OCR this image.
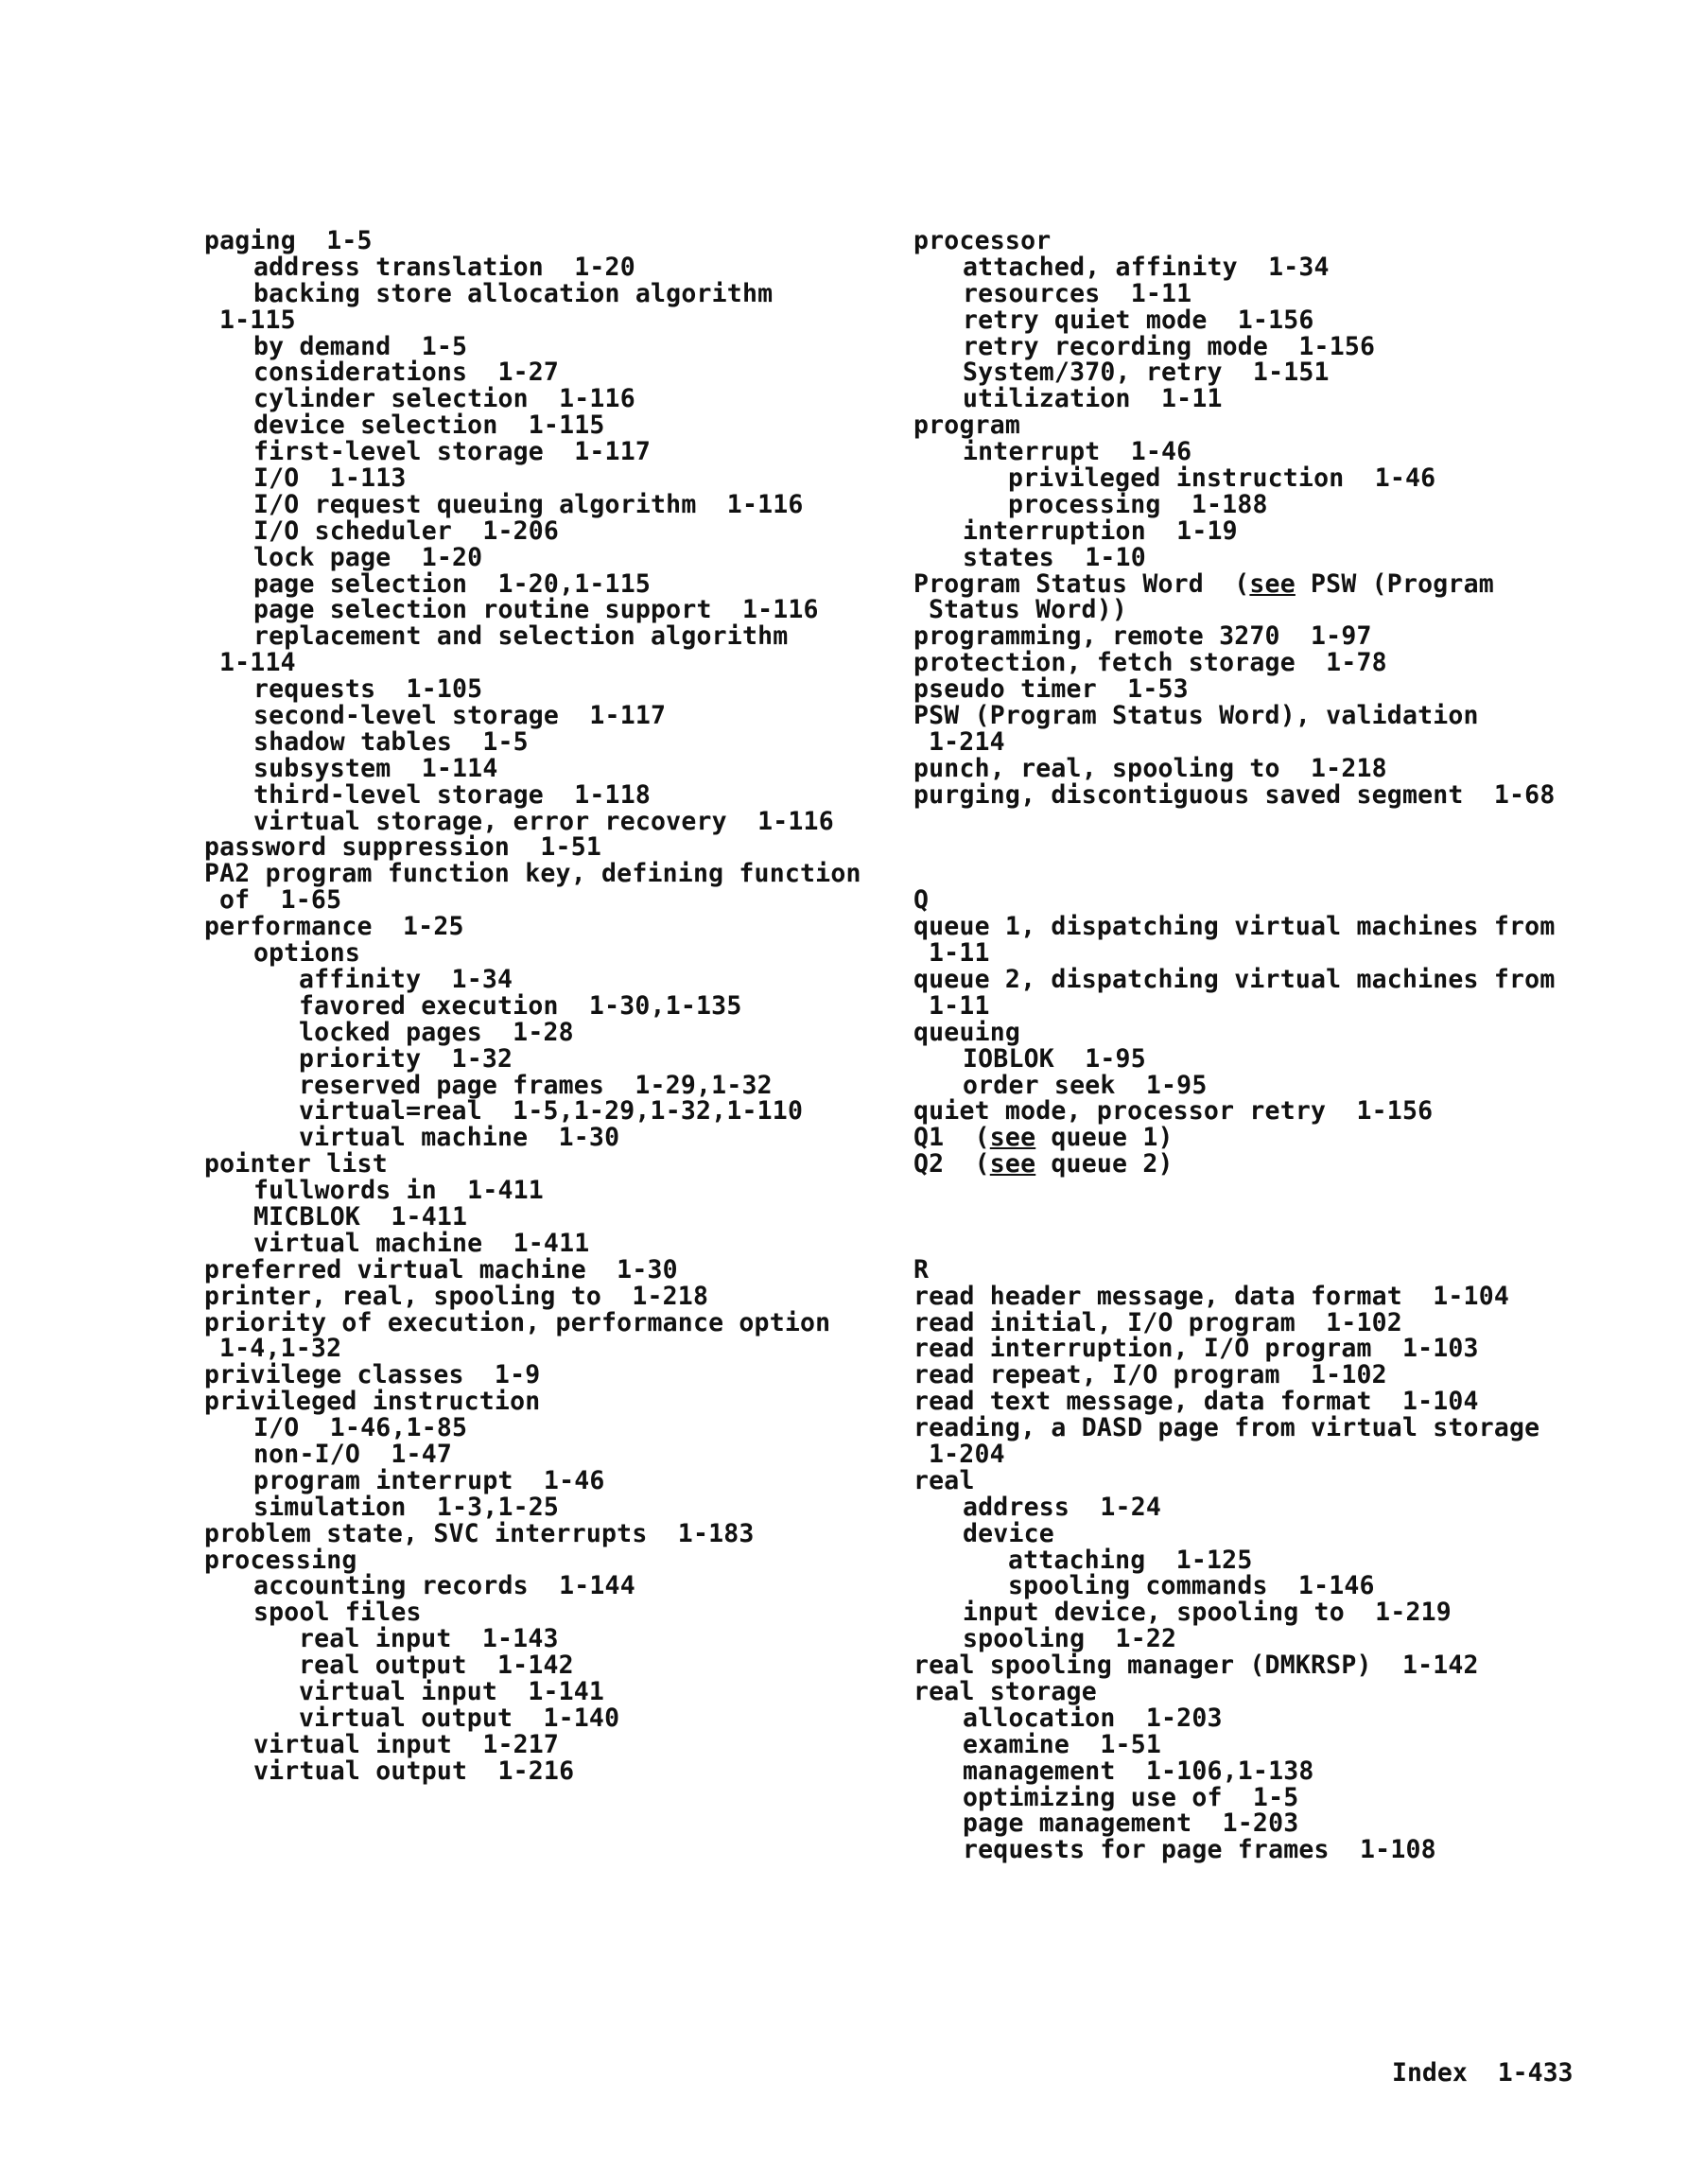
paging  1-5
address translation  1-20
backing store allocation algorithm
1-115
by demand  1-5
considerations  1-27
cylinder selection  1-116
device selection  1-115
first-level storage  1-117
I/O  1-113
I/O request queuing algorithm  1-116
I/O scheduler  1-206
lock page  1-20
page selection  1-20,1-115
page selection routine support  1-116
replacement and selection algorithm
1-114
requests  1-105
second-level storage  1-117
shadow tables  1-5
subsystem  1-114
third-level storage  1-118
virtual storage, error recovery  1-116
password suppression  1-51
PA2 program function key, defining function
of  1-65
performance  1-25
options
affinity  1-34
favored execution  1-30,1-135
locked pages  1-28
priority  1-32
reserved page frames  1-29,1-32
virtual=real  1-5,1-29,1-32,1-110
virtual machine  1-30
pointer list
fullwords in  1-411
MICBLOK  1-411
virtual machine  1-411
preferred virtual machine  1-30
printer, real, spooling to  1-218
priority of execution, performance option
1-4,1-32
privilege classes  1-9
privileged instruction
I/O  1-46,1-85
non-I/O  1-47
program interrupt  1-46
simulation  1-3,1-25
problem state, SVC interrupts  1-183
processing
accounting records  1-144
spool files
real input  1-143
real output  1-142
virtual input  1-141
virtual output  1-140
virtual input  1-217
virtual output  1-216
processor
attached, affinity  1-34
resources  1-11
retry quiet mode  1-156
retry recording mode  1-156
System/370, retry  1-151
utilization  1-11
program
interrupt  1-46
privileged instruction  1-46
processing  1-188
interruption  1-19
states  1-10
Program Status Word  (see PSW (Program
Status Word))
programming, remote 3270  1-97
protection, fetch storage  1-78
pseudo timer  1-53
PSW (Program Status Word), validation
1-214
punch, real, spooling to  1-218
purging, discontiguous saved segment  1-68
Q
queue 1, dispatching virtual machines from
1-11
queue 2, dispatching virtual machines from
1-11
queuing
IOBLOK  1-95
order seek  1-95
quiet mode, processor retry  1-156
Q1  (see queue 1)
Q2  (see queue 2)
R
read header message, data format  1-104
read initial, I/O program  1-102
read interruption, I/O program  1-103
read repeat, I/O program  1-102
read text message, data format  1-104
reading, a DASD page from virtual storage
1-204
real
address  1-24
device
attaching  1-125
spooling commands  1-146
input device, spooling to  1-219
spooling  1-22
real spooling manager (DMKRSP)  1-142
real storage
allocation  1-203
examine  1-51
management  1-106,1-138
optimizing use of  1-5
page management  1-203
requests for page frames  1-108
Index 1-433
